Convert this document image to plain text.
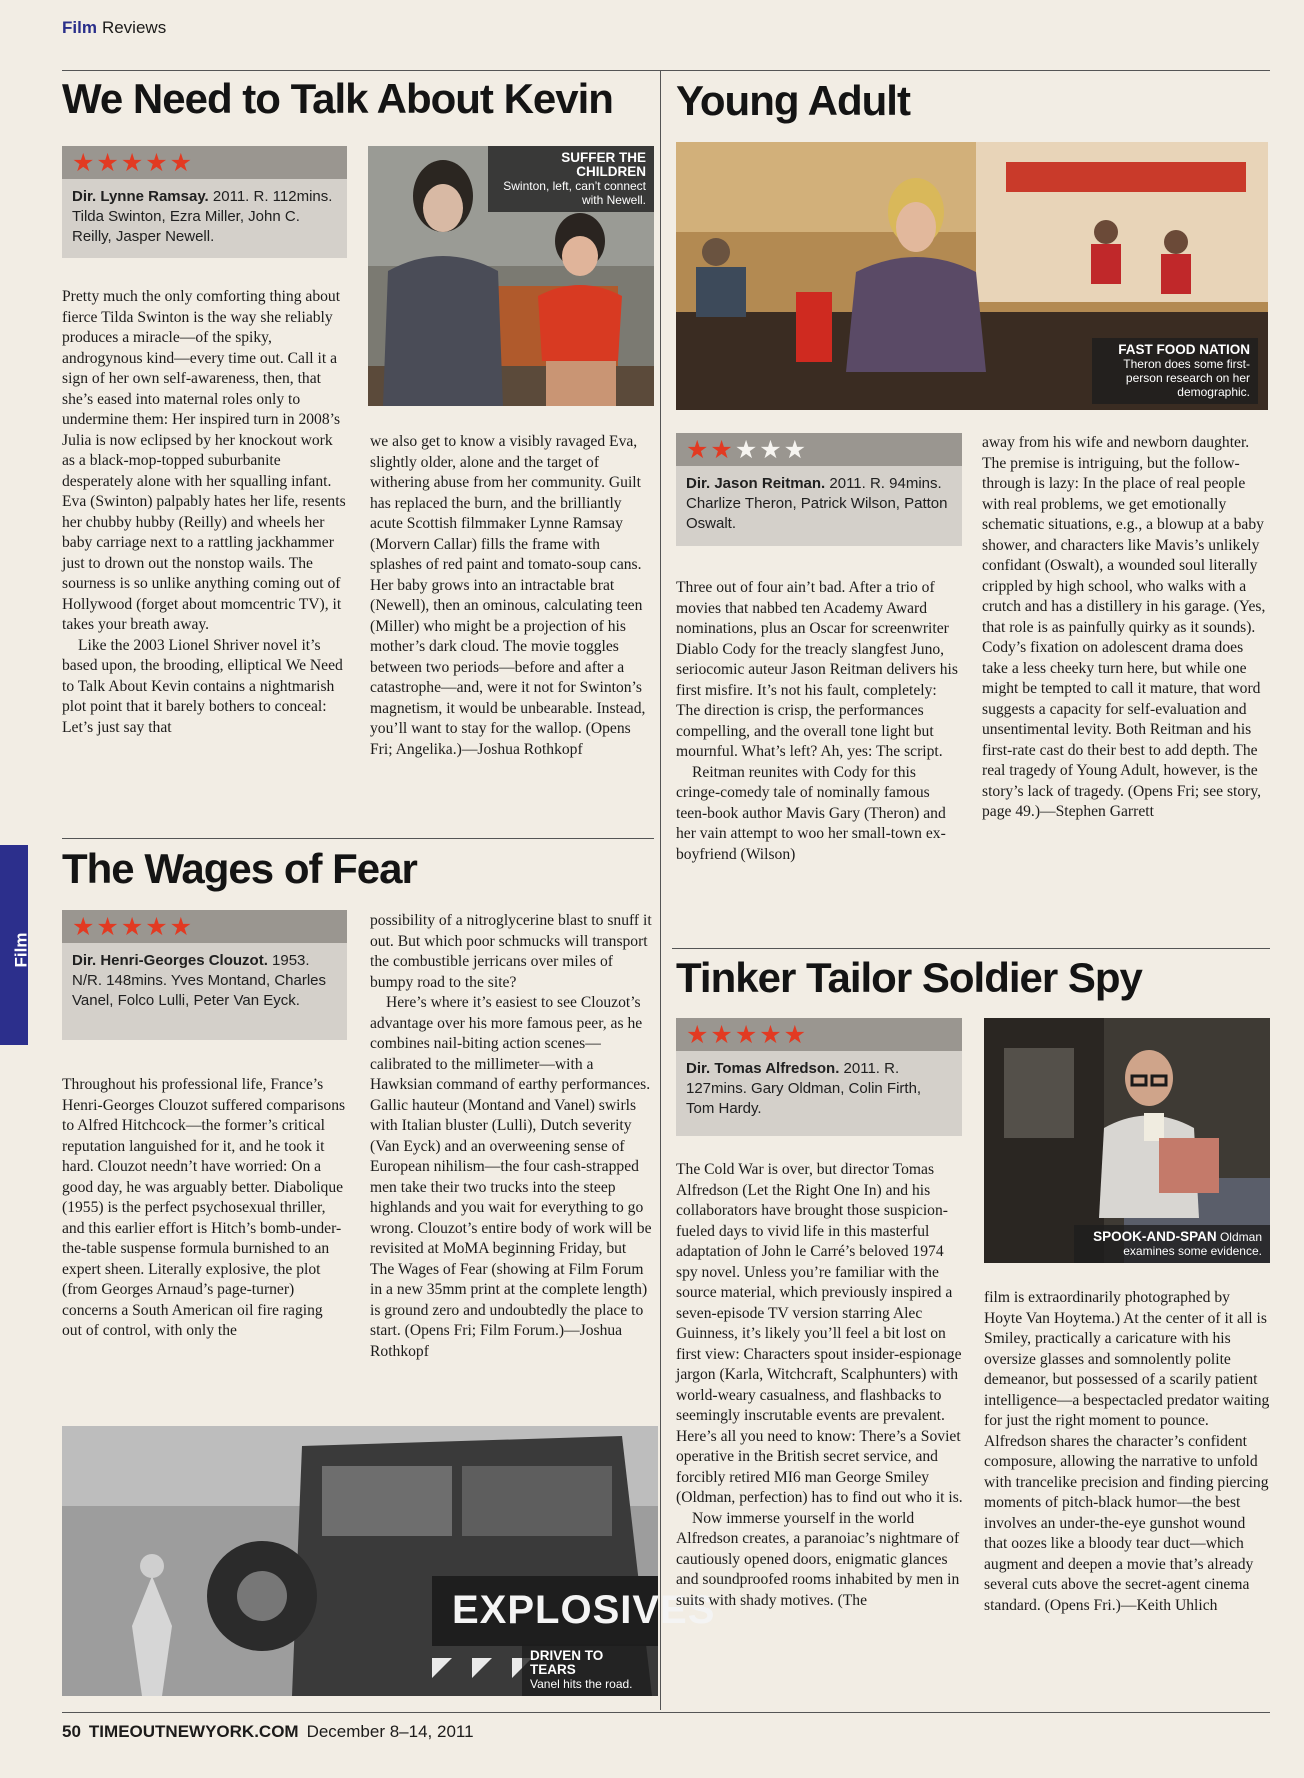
Film Reviews
Film
We Need to Talk About Kevin
★★★★★
Dir. Lynne Ramsay. 2011. R. 112mins. Tilda Swinton, Ezra Miller, John C. Reilly, Jasper Newell.
SUFFER THE CHILDREN
Swinton, left, can’t connect with Newell.

Pretty much the only comforting thing about fierce Tilda Swinton is the way she reliably produces a miracle—of the spiky, androgynous kind—every time out. Call it a sign of her own self-awareness, then, that she’s eased into maternal roles only to undermine them: Her inspired turn in 2008’s Julia is now eclipsed by her knockout work as a black-mop-topped suburbanite desperately alone with her squalling infant. Eva (Swinton) palpably hates her life, resents her chubby hubby (Reilly) and wheels her baby carriage next to a rattling jackhammer just to drown out the nonstop wails. The sourness is so unlike anything coming out of Hollywood (forget about momcentric TV), it takes your breath away.

Like the 2003 Lionel Shriver novel it’s based upon, the brooding, elliptical We Need to Talk About Kevin contains a nightmarish plot point that it barely bothers to conceal: Let’s just say that

we also get to know a visibly ravaged Eva, slightly older, alone and the target of withering abuse from her community. Guilt has replaced the burn, and the brilliantly acute Scottish filmmaker Lynne Ramsay (Morvern Callar) fills the frame with splashes of red paint and tomato-soup cans. Her baby grows into an intractable brat (Newell), then an ominous, calculating teen (Miller) who might be a projection of his mother’s dark cloud. The movie toggles between two periods—before and after a catastrophe—and, were it not for Swinton’s magnetism, it would be unbearable. Instead, you’ll want to stay for the wallop. (Opens Fri; Angelika.)—Joshua Rothkopf

The Wages of Fear
★★★★★
Dir. Henri-Georges Clouzot. 1953. N/R. 148mins. Yves Montand, Charles Vanel, Folco Lulli, Peter Van Eyck.

Throughout his professional life, France’s Henri-Georges Clouzot suffered comparisons to Alfred Hitchcock—the former’s critical reputation languished for it, and he took it hard. Clouzot needn’t have worried: On a good day, he was arguably better. Diabolique (1955) is the perfect psychosexual thriller, and this earlier effort is Hitch’s bomb-under-the-table suspense formula burnished to an expert sheen. Literally explosive, the plot (from Georges Arnaud’s page-turner) concerns a South American oil fire raging out of control, with only the

possibility of a nitroglycerine blast to snuff it out. But which poor schmucks will transport the combustible jerricans over miles of bumpy road to the site?

Here’s where it’s easiest to see Clouzot’s advantage over his more famous peer, as he combines nail-biting action scenes—calibrated to the millimeter—with a Hawksian command of earthy performances. Gallic hauteur (Montand and Vanel) swirls with Italian bluster (Lulli), Dutch severity (Van Eyck) and an overweening sense of European nihilism—the four cash-strapped men take their two trucks into the steep highlands and you wait for everything to go wrong. Clouzot’s entire body of work will be revisited at MoMA beginning Friday, but The Wages of Fear (showing at Film Forum in a new 35mm print at the complete length) is ground zero and undoubtedly the place to start. (Opens Fri; Film Forum.)—Joshua Rothkopf

EXPLOSIVES
DRIVEN TO TEARS
Vanel hits the road.
Young Adult
FAST FOOD NATION
Theron does some first-person research on her demographic.
★★ ★★★
Dir. Jason Reitman. 2011. R. 94mins. Charlize Theron, Patrick Wilson, Patton Oswalt.

Three out of four ain’t bad. After a trio of movies that nabbed ten Academy Award nominations, plus an Oscar for screenwriter Diablo Cody for the treacly slangfest Juno, seriocomic auteur Jason Reitman delivers his first misfire. It’s not his fault, completely: The direction is crisp, the performances compelling, and the overall tone light but mournful. What’s left? Ah, yes: The script.

Reitman reunites with Cody for this cringe-comedy tale of nominally famous teen-book author Mavis Gary (Theron) and her vain attempt to woo her small-town ex-boyfriend (Wilson)

away from his wife and newborn daughter. The premise is intriguing, but the follow-through is lazy: In the place of real people with real problems, we get emotionally schematic situations, e.g., a blowup at a baby shower, and characters like Mavis’s unlikely confidant (Oswalt), a wounded soul literally crippled by high school, who walks with a crutch and has a distillery in his garage. (Yes, that role is as painfully quirky as it sounds). Cody’s fixation on adolescent drama does take a less cheeky turn here, but while one might be tempted to call it mature, that word suggests a capacity for self-evaluation and unsentimental levity. Both Reitman and his first-rate cast do their best to add depth. The real tragedy of Young Adult, however, is the story’s lack of tragedy. (Opens Fri; see story, page 49.)—Stephen Garrett

Tinker Tailor Soldier Spy
★★★★★
Dir. Tomas Alfredson. 2011. R. 127mins. Gary Oldman, Colin Firth, Tom Hardy.
SPOOK-AND-SPAN Oldman examines some evidence.

The Cold War is over, but director Tomas Alfredson (Let the Right One In) and his collaborators have brought those suspicion-fueled days to vivid life in this masterful adaptation of John le Carré’s beloved 1974 spy novel. Unless you’re familiar with the source material, which previously inspired a seven-episode TV version starring Alec Guinness, it’s likely you’ll feel a bit lost on first view: Characters spout insider-espionage jargon (Karla, Witchcraft, Scalphunters) with world-weary casualness, and flashbacks to seemingly inscrutable events are prevalent. Here’s all you need to know: There’s a Soviet operative in the British secret service, and forcibly retired MI6 man George Smiley (Oldman, perfection) has to find out who it is.

Now immerse yourself in the world Alfredson creates, a paranoiac’s nightmare of cautiously opened doors, enigmatic glances and soundproofed rooms inhabited by men in suits with shady motives. (The

film is extraordinarily photographed by Hoyte Van Hoytema.) At the center of it all is Smiley, practically a caricature with his oversize glasses and somnolently polite demeanor, but possessed of a scarily patient intelligence—a bespectacled predator waiting for just the right moment to pounce. Alfredson shares the character’s confident composure, allowing the narrative to unfold with trancelike precision and finding piercing moments of pitch-black humor—the best involves an under-the-eye gunshot wound that oozes like a bloody tear duct—which augment and deepen a movie that’s already several cuts above the secret-agent cinema standard. (Opens Fri.)—Keith Uhlich

50 TIMEOUTNEWYORK.COM December 8–14, 2011
